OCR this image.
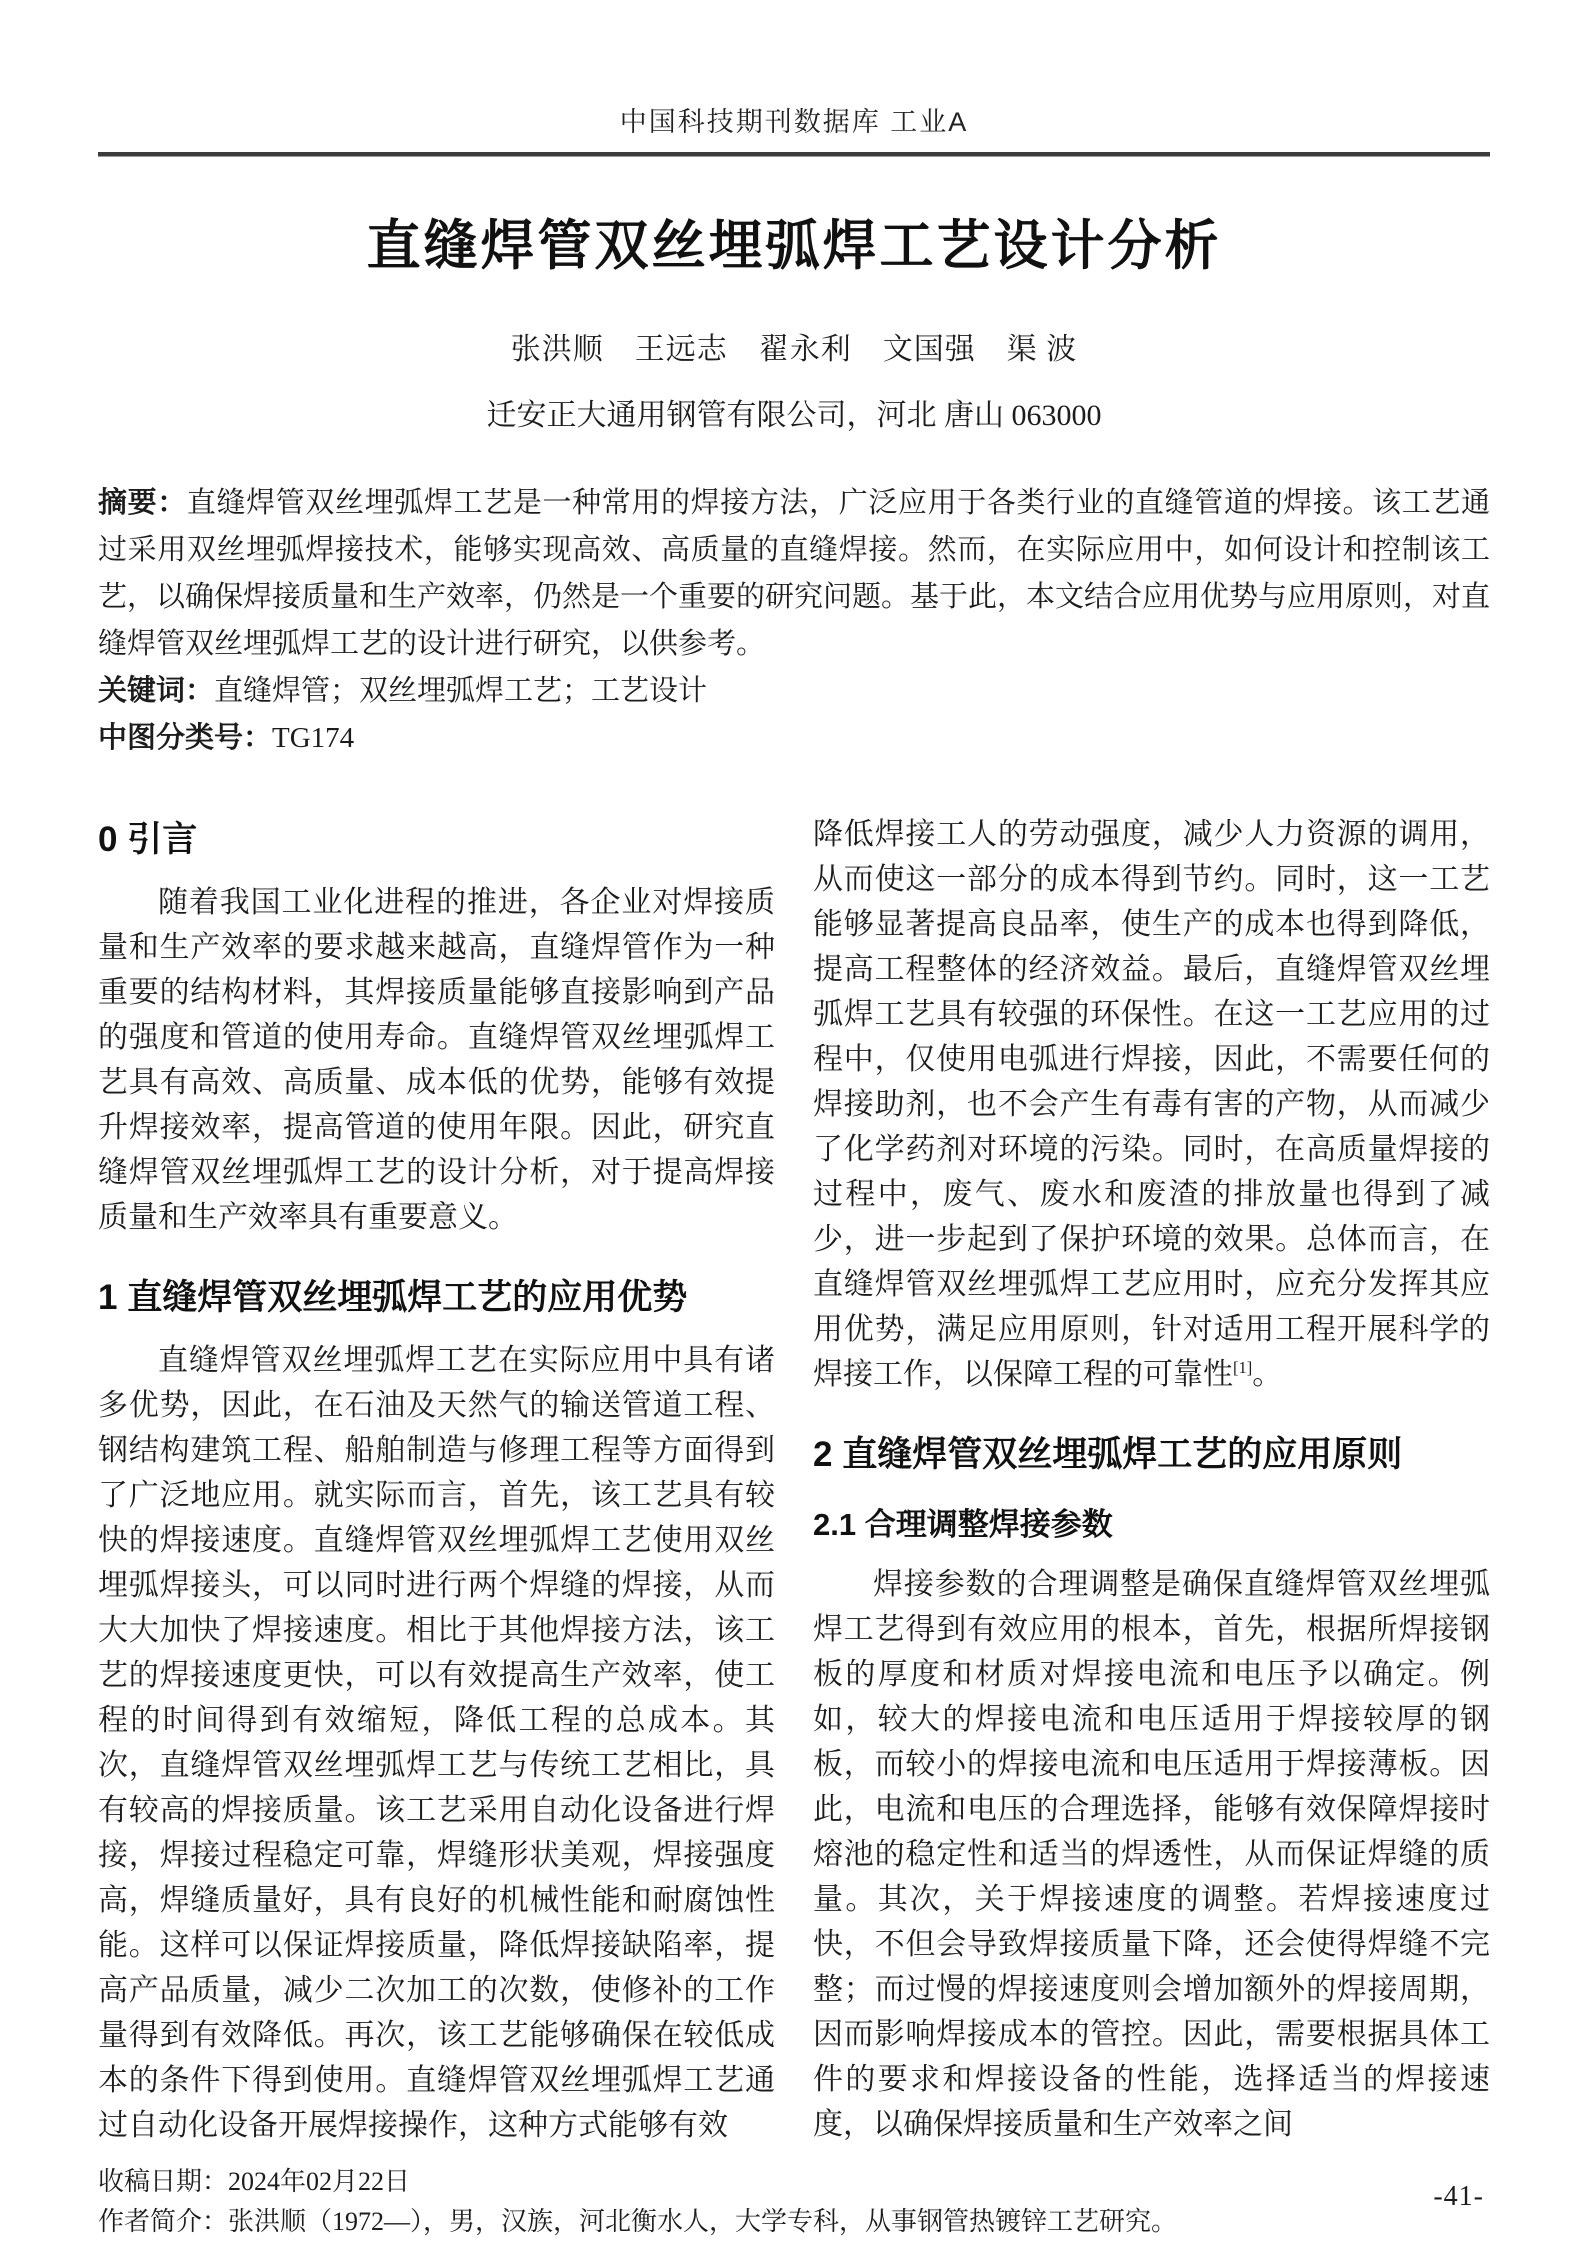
中国科技期刊数据库 工业A
直缝焊管双丝埋弧焊工艺设计分析
张洪顺　王远志　翟永利　文国强　渠 波
迁安正大通用钢管有限公司，河北 唐山 063000

摘要：直缝焊管双丝埋弧焊工艺是一种常用的焊接方法，广泛应用于各类行业的直缝管道的焊接。该工艺通过采用双丝埋弧焊接技术，能够实现高效、高质量的直缝焊接。然而，在实际应用中，如何设计和控制该工艺，以确保焊接质量和生产效率，仍然是一个重要的研究问题。基于此，本文结合应用优势与应用原则，对直缝焊管双丝埋弧焊工艺的设计进行研究，以供参考。

关键词：直缝焊管；双丝埋弧焊工艺；工艺设计

中图分类号：TG174

0 引言

随着我国工业化进程的推进，各企业对焊接质量和生产效率的要求越来越高，直缝焊管作为一种重要的结构材料，其焊接质量能够直接影响到产品的强度和管道的使用寿命。直缝焊管双丝埋弧焊工艺具有高效、高质量、成本低的优势，能够有效提升焊接效率，提高管道的使用年限。因此，研究直缝焊管双丝埋弧焊工艺的设计分析，对于提高焊接质量和生产效率具有重要意义。

1 直缝焊管双丝埋弧焊工艺的应用优势

直缝焊管双丝埋弧焊工艺在实际应用中具有诸多优势，因此，在石油及天然气的输送管道工程、钢结构建筑工程、船舶制造与修理工程等方面得到了广泛地应用。就实际而言，首先，该工艺具有较快的焊接速度。直缝焊管双丝埋弧焊工艺使用双丝埋弧焊接头，可以同时进行两个焊缝的焊接，从而大大加快了焊接速度。相比于其他焊接方法，该工艺的焊接速度更快，可以有效提高生产效率，使工程的时间得到有效缩短，降低工程的总成本。其次，直缝焊管双丝埋弧焊工艺与传统工艺相比，具有较高的焊接质量。该工艺采用自动化设备进行焊接，焊接过程稳定可靠，焊缝形状美观，焊接强度高，焊缝质量好，具有良好的机械性能和耐腐蚀性能。这样可以保证焊接质量，降低焊接缺陷率，提高产品质量，减少二次加工的次数，使修补的工作量得到有效降低。再次，该工艺能够确保在较低成本的条件下得到使用。直缝焊管双丝埋弧焊工艺通过自动化设备开展焊接操作，这种方式能够有效

降低焊接工人的劳动强度，减少人力资源的调用，从而使这一部分的成本得到节约。同时，这一工艺能够显著提高良品率，使生产的成本也得到降低，提高工程整体的经济效益。最后，直缝焊管双丝埋弧焊工艺具有较强的环保性。在这一工艺应用的过程中，仅使用电弧进行焊接，因此，不需要任何的焊接助剂，也不会产生有毒有害的产物，从而减少了化学药剂对环境的污染。同时，在高质量焊接的过程中，废气、废水和废渣的排放量也得到了减少，进一步起到了保护环境的效果。总体而言，在直缝焊管双丝埋弧焊工艺应用时，应充分发挥其应用优势，满足应用原则，针对适用工程开展科学的焊接工作，以保障工程的可靠性[1]。

2 直缝焊管双丝埋弧焊工艺的应用原则
2.1 合理调整焊接参数

焊接参数的合理调整是确保直缝焊管双丝埋弧焊工艺得到有效应用的根本，首先，根据所焊接钢板的厚度和材质对焊接电流和电压予以确定。例如，较大的焊接电流和电压适用于焊接较厚的钢板，而较小的焊接电流和电压适用于焊接薄板。因此，电流和电压的合理选择，能够有效保障焊接时熔池的稳定性和适当的焊透性，从而保证焊缝的质量。其次，关于焊接速度的调整。若焊接速度过快，不但会导致焊接质量下降，还会使得焊缝不完整；而过慢的焊接速度则会增加额外的焊接周期，因而影响焊接成本的管控。因此，需要根据具体工件的要求和焊接设备的性能，选择适当的焊接速度，以确保焊接质量和生产效率之间

收稿日期：2024年02月22日

作者简介：张洪顺（1972—），男，汉族，河北衡水人，大学专科，从事钢管热镀锌工艺研究。

-41-
